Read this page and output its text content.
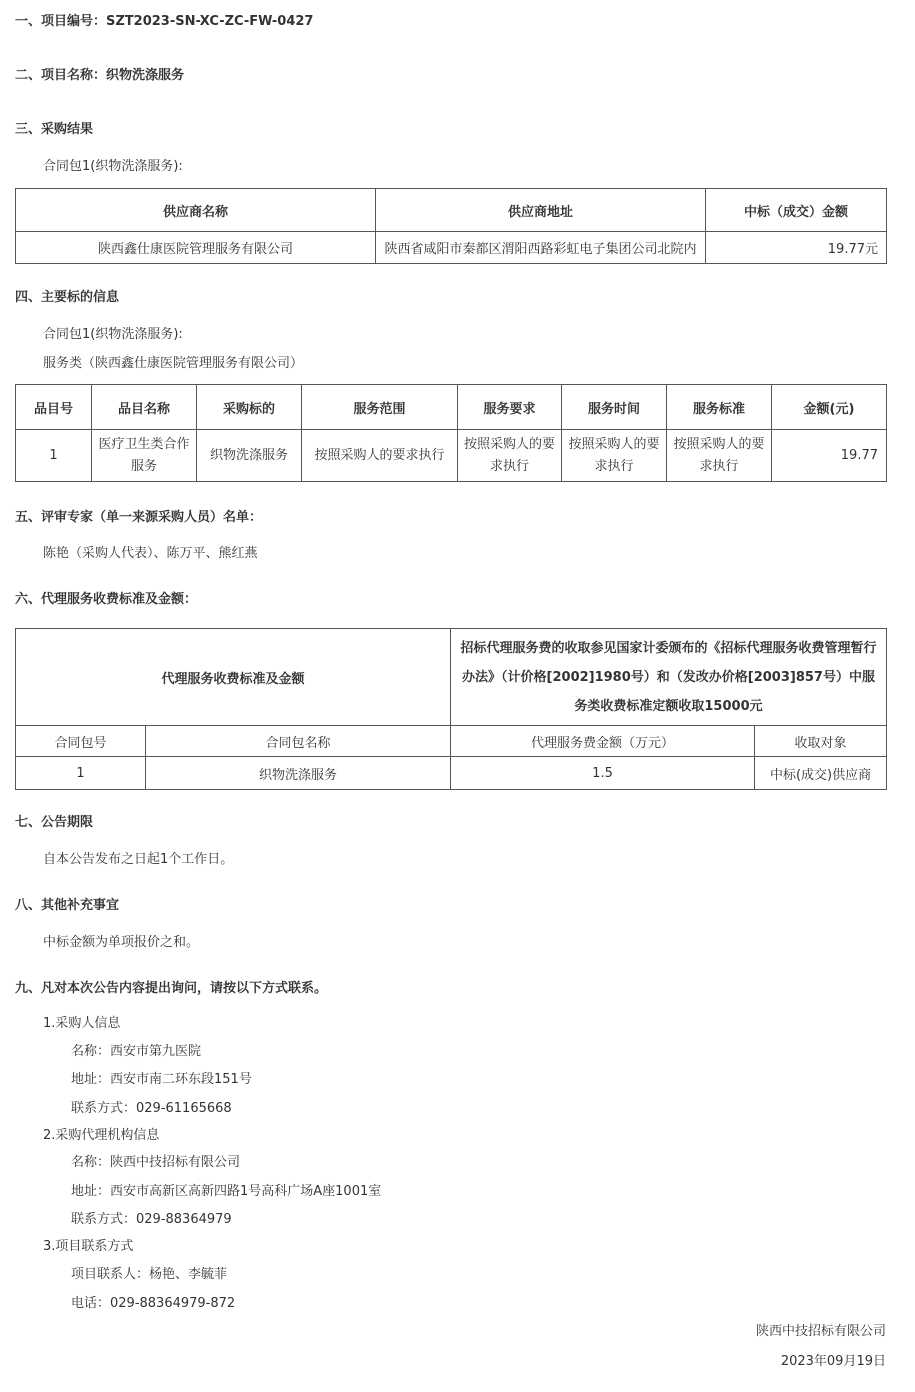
一、项目编号：SZT2023-SN-XC-ZC-FW-0427
二、项目名称：织物洗涤服务
三、采购结果
合同包1(织物洗涤服务):
供应商名称	供应商地址	中标（成交）金额
陕西鑫仕康医院管理服务有限公司	陕西省咸阳市秦都区渭阳西路彩虹电子集团公司北院内	19.77元
四、主要标的信息
合同包1(织物洗涤服务):
服务类（陕西鑫仕康医院管理服务有限公司）
品目号	品目名称	采购标的	服务范围	服务要求	服务时间	服务标准	金额(元)
1	医疗卫生类合作服务	织物洗涤服务	按照采购人的要求执行	按照采购人的要求执行	按照采购人的要求执行	按照采购人的要求执行	19.77
五、评审专家（单一来源采购人员）名单：
陈艳（采购人代表）、陈万平、熊红燕
六、代理服务收费标准及金额：
代理服务收费标准及金额		招标代理服务费的收取参见国家计委颁布的《招标代理服务收费管理暂行办法》（计价格[2002]1980号）和（发改办价格[2003]857号）中服务类收费标准定额收取15000元	
合同包号	合同包名称	代理服务费金额（万元）	收取对象
1	织物洗涤服务	1.5	中标(成交)供应商
七、公告期限
自本公告发布之日起1个工作日。
八、其他补充事宜
中标金额为单项报价之和。
九、凡对本次公告内容提出询问，请按以下方式联系。
1.采购人信息
名称：西安市第九医院
地址：西安市南二环东段151号
联系方式：029-61165668
2.采购代理机构信息
名称：陕西中技招标有限公司
地址：西安市高新区高新四路1号高科广场A座1001室
联系方式：029-88364979
3.项目联系方式
项目联系人：杨艳、李毓菲
电话：029-88364979-872
陕西中技招标有限公司
2023年09月19日
